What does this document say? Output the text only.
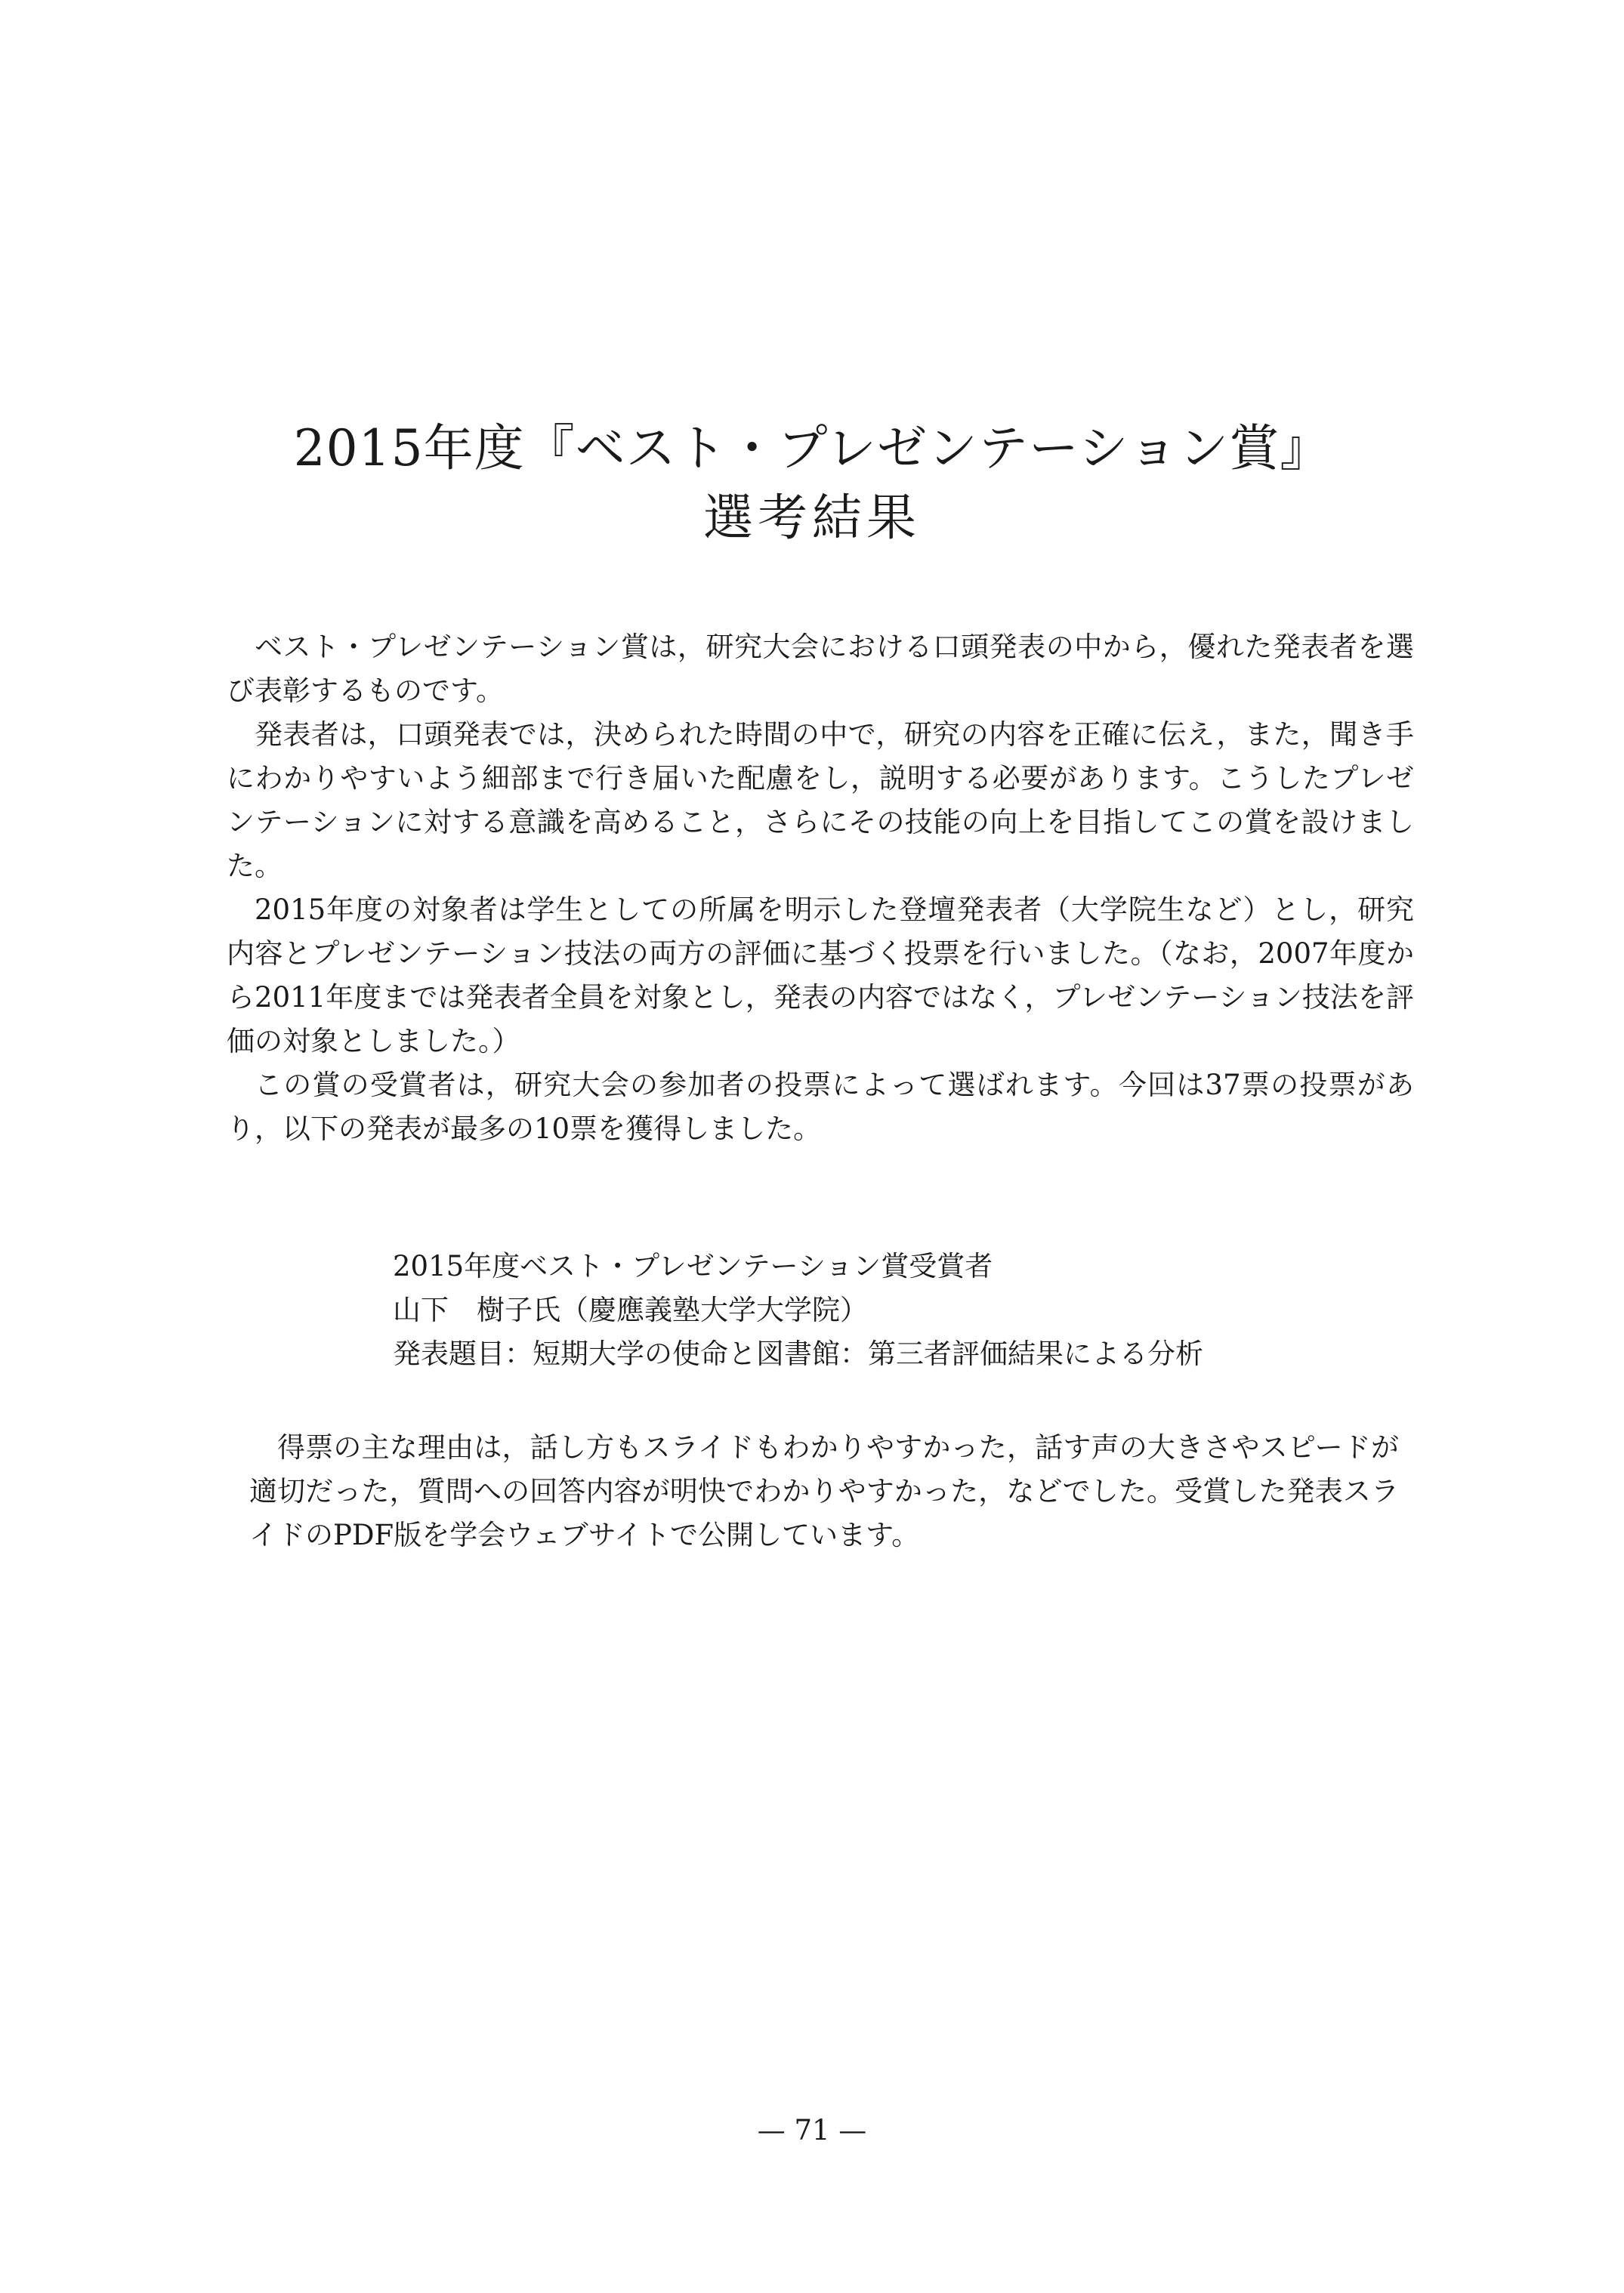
2015年度『ベスト・プレゼンテーション賞』
選考結果

ベスト・プレゼンテーション賞は，研究大会における口頭発表の中から，優れた発表者を選び表彰するものです。

発表者は，口頭発表では，決められた時間の中で，研究の内容を正確に伝え，また，聞き手にわかりやすいよう細部まで行き届いた配慮をし，説明する必要があります。こうしたプレゼンテーションに対する意識を高めること，さらにその技能の向上を目指してこの賞を設けました。

2015年度の対象者は学生としての所属を明示した登壇発表者（大学院生など）とし，研究内容とプレゼンテーション技法の両方の評価に基づく投票を行いました。（なお，2007年度から2011年度までは発表者全員を対象とし，発表の内容ではなく，プレゼンテーション技法を評価の対象としました。）

この賞の受賞者は，研究大会の参加者の投票によって選ばれます。今回は37票の投票があり，以下の発表が最多の10票を獲得しました。

2015年度ベスト・プレゼンテーション賞受賞者
山下　樹子氏（慶應義塾大学大学院）
発表題目：短期大学の使命と図書館：第三者評価結果による分析

得票の主な理由は，話し方もスライドもわかりやすかった，話す声の大きさやスピードが適切だった，質問への回答内容が明快でわかりやすかった，などでした。受賞した発表スライドのPDF版を学会ウェブサイトで公開しています。

— 71 —
